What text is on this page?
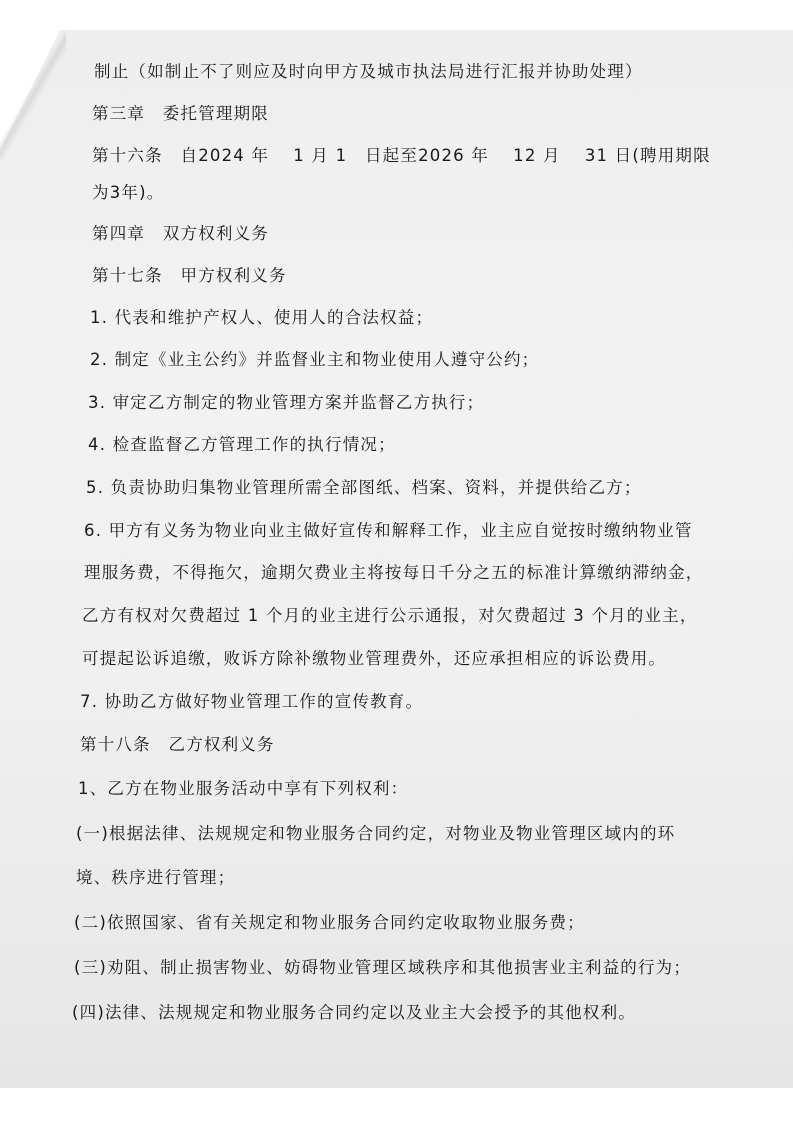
制止（如制止不了则应及时向甲方及城市执法局进行汇报并协助处理）
第三章　委托管理期限
第十六条　自2024 年　 1 月 1　日起至2026 年　 12 月　 31 日(聘用期限
为3年)。
第四章　双方权利义务
第十七条　甲方权利义务
1. 代表和维护产权人、使用人的合法权益；
2. 制定《业主公约》并监督业主和物业使用人遵守公约；
3. 审定乙方制定的物业管理方案并监督乙方执行；
4. 检查监督乙方管理工作的执行情况；
5. 负责协助归集物业管理所需全部图纸、档案、资料，并提供给乙方；
6. 甲方有义务为物业向业主做好宣传和解释工作，业主应自觉按时缴纳物业管
理服务费，不得拖欠，逾期欠费业主将按每日千分之五的标准计算缴纳滞纳金，
乙方有权对欠费超过 1 个月的业主进行公示通报，对欠费超过 3 个月的业主，
可提起讼诉追缴，败诉方除补缴物业管理费外，还应承担相应的诉讼费用。
7. 协助乙方做好物业管理工作的宣传教育。
第十八条　乙方权利义务
1、乙方在物业服务活动中享有下列权利：
(一)根据法律、法规规定和物业服务合同约定，对物业及物业管理区域内的环
境、秩序进行管理；
(二)依照国家、省有关规定和物业服务合同约定收取物业服务费；
(三)劝阻、制止损害物业、妨碍物业管理区域秩序和其他损害业主利益的行为；
(四)法律、法规规定和物业服务合同约定以及业主大会授予的其他权利。
